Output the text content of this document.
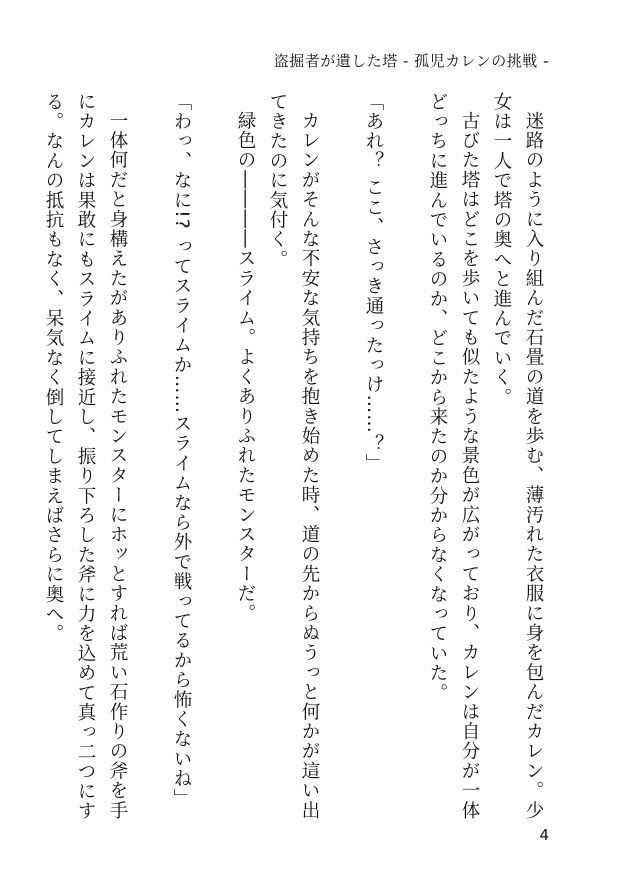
盗掘者が遺した塔 - 孤児カレンの挑戦 -

迷路のように入り組んだ石畳の道を歩む、薄汚れた衣服に身を包んだカレン。少女は一人で塔の奥へと進んでいく。

古びた塔はどこを歩いても似たような景色が広がっており、カレンは自分が一体どっちに進んでいるのか、どこから来たのか分からなくなっていた。

「あれ？ ここ、さっき通ったっけ……？」

カレンがそんな不安な気持ちを抱き始めた時、道の先からぬうっと何かが這い出てきたのに気付く。

緑色の――――スライム。よくありふれたモンスターだ。

「わっ、なに!? ってスライムか……スライムなら外で戦ってるから怖くないね」

一体何だと身構えたがありふれたモンスターにホッとすれば荒い石作りの斧を手にカレンは果敢にもスライムに接近し、振り下ろした斧に力を込めて真っ二つにする。なんの抵抗もなく、呆気なく倒してしまえばさらに奥へ。

4
